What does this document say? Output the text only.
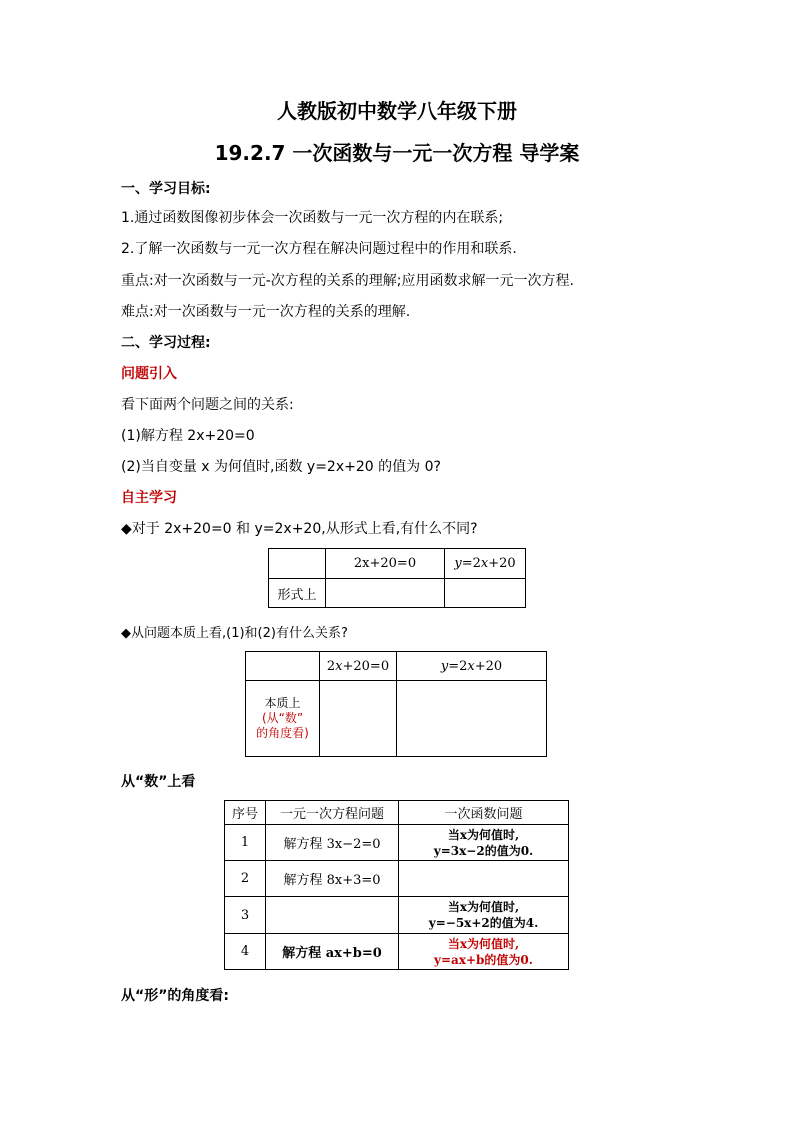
人教版初中数学八年级下册
19.2.7 一次函数与一元一次方程 导学案
一、学习目标:
1.通过函数图像初步体会一次函数与一元一次方程的内在联系;
2.了解一次函数与一元一次方程在解决问题过程中的作用和联系.
重点:对一次函数与一元-次方程的关系的理解;应用函数求解一元一次方程.
难点:对一次函数与一元一次方程的关系的理解.
二、学习过程:
问题引入
看下面两个问题之间的关系:
(1)解方程 2x+20=0
(2)当自变量 x 为何值时,函数 y=2x+20 的值为 0?
自主学习
◆对于 2x+20=0 和 y=2x+20,从形式上看,有什么不同?
	2x+20=0	y=2x+20
形式上		
◆从问题本质上看,(1)和(2)有什么关系?
	2x+20=0	y=2x+20

本质上
(从“数”
的角度看)		

从“数”上看
序号	一元一次方程问题	一次函数问题
1	解方程 3x−2=0	当x为何值时,
y=3x−2的值为0.

2	解方程 8x+3=0	

3		当x为何值时,
y=−5x+2的值为4.

4	解方程 ax+b=0	当x为何值时,
y=ax+b的值为0.
从“形”的角度看:
